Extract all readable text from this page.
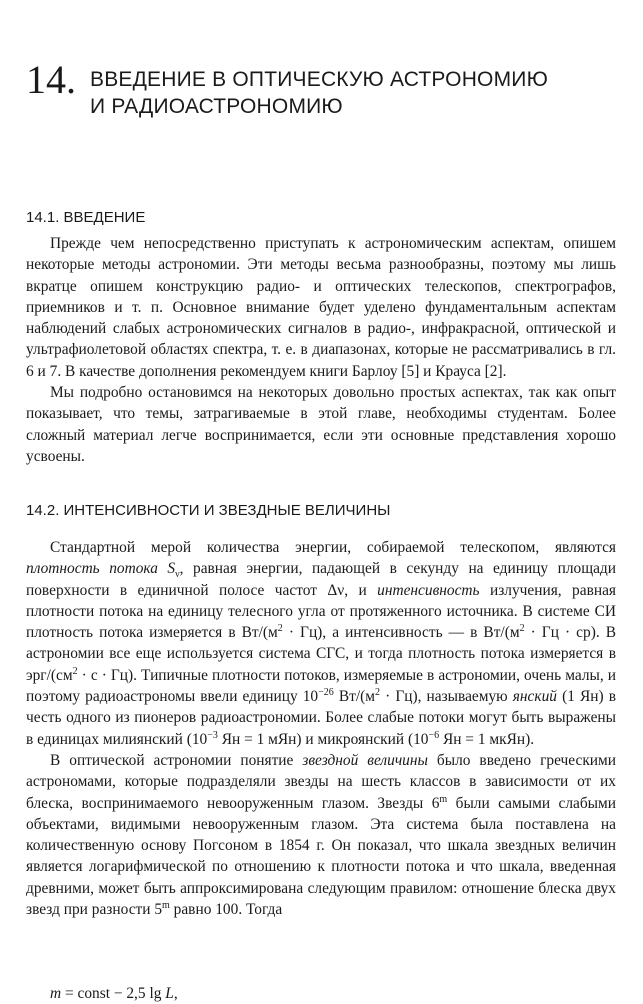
14. ВВЕДЕНИЕ В ОПТИЧЕСКУЮ АСТРОНОМИЮ
И РАДИОАСТРОНОМИЮ
14.1. ВВЕДЕНИЕ

Прежде чем непосредственно приступать к астрономическим аспектам, опишем некоторые методы астрономии. Эти методы весьма разнообразны, поэтому мы лишь вкратце опишем конструкцию радио- и оптических телескопов, спектрографов, приемников и т. п. Основное внимание будет уделено фундаментальным аспектам наблюдений слабых астрономических сигналов в радио-, инфракрасной, оптической и ультрафиолетовой областях спектра, т. е. в диапазонах, которые не рассматривались в гл. 6 и 7. В качестве дополнения рекомендуем книги Барлоу [5] и Крауса [2].

Мы подробно остановимся на некоторых довольно простых аспектах, так как опыт показывает, что темы, затрагиваемые в этой главе, необходимы студентам. Более сложный материал легче воспринимается, если эти основные представления хорошо усвоены.

14.2. ИНТЕНСИВНОСТИ И ЗВЕЗДНЫЕ ВЕЛИЧИНЫ

Стандартной мерой количества энергии, собираемой телескопом, являются плотность потока $S_\nu$, равная энергии, падающей в секунду на единицу площади поверхности в единичной полосе частот Δν, и интенсивность излучения, равная плотности потока на единицу телесного угла от протяженного источника. В системе СИ плотность потока измеряется в $Вт/(м^2 \cdot Гц)$, а интенсивность — в $Вт/(м^2$ · Гц · ср). В астрономии все еще используется система СГС, и тогда плотность потока измеряется в эрг/$(см^2 \cdot с \cdot Гц)$. Типичные плотности потоков, измеряемые в астрономии, очень малы, и поэтому радиоастрономы ввели единицу $10^{-26}$ $Вт/(м^2 \cdot Гц)$, называемую янский (1 Ян) в честь одного из пионеров радиоастрономии. Более слабые потоки могут быть выражены в единицах милиянский ($10^{-3}$ Ян = 1 мЯн) и микроянский ($10^{-6}$ Ян = 1 мкЯн).

В оптической астрономии понятие звездной величины было введено греческими астрономами, которые подразделяли звезды на шесть классов в зависимости от их блеска, воспринимаемого невооруженным глазом. Звезды 6$^m$ были самыми слабыми объектами, видимыми невооруженным глазом. Эта система была поставлена на количественную основу Погсоном в 1854 г. Он показал, что шкала звездных величин является логарифмической по отношению к плотности потока и что шкала, введенная древними, может быть аппроксимирована следующим правилом: отношение блеска двух звезд при разности 5$^m$ равно 100. Тогда

m = const − 2,5 lg L,
